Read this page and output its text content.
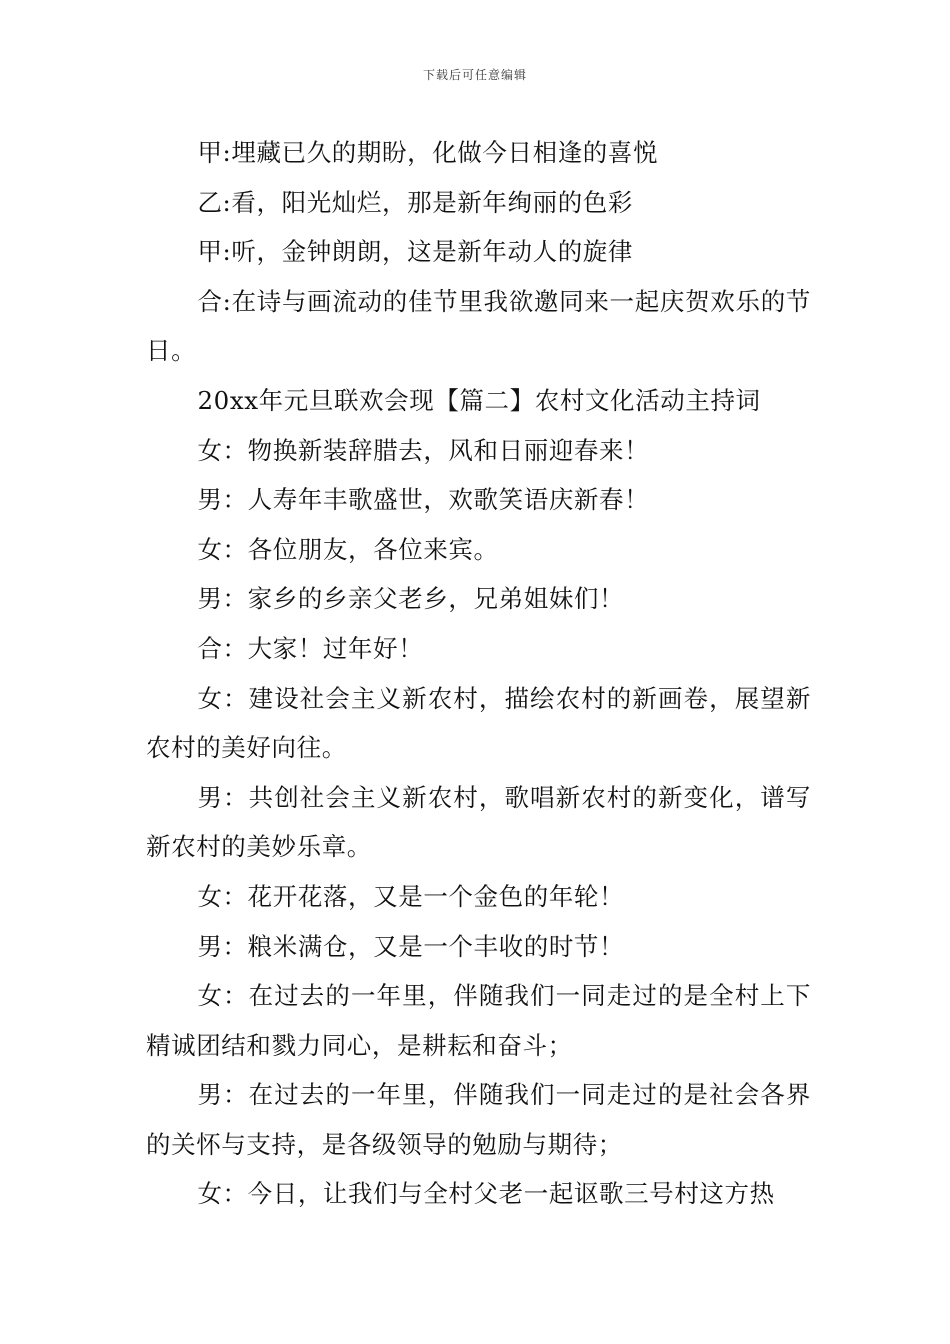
下载后可任意编辑

甲:埋藏已久的期盼，化做今日相逢的喜悦

乙:看，阳光灿烂，那是新年绚丽的色彩

甲:听，金钟朗朗，这是新年动人的旋律

合:在诗与画流动的佳节里我欲邀同来一起庆贺欢乐的节日。

20xx年元旦联欢会现【篇二】农村文化活动主持词

女：物换新装辞腊去，风和日丽迎春来！

男：人寿年丰歌盛世，欢歌笑语庆新春！

女：各位朋友，各位来宾。

男：家乡的乡亲父老乡，兄弟姐妹们！

合：大家！过年好！

女：建设社会主义新农村，描绘农村的新画卷，展望新农村的美好向往。

男：共创社会主义新农村，歌唱新农村的新变化，谱写新农村的美妙乐章。

女：花开花落，又是一个金色的年轮！

男：粮米满仓，又是一个丰收的时节！

女：在过去的一年里，伴随我们一同走过的是全村上下精诚团结和戮力同心，是耕耘和奋斗；

男：在过去的一年里，伴随我们一同走过的是社会各界的关怀与支持，是各级领导的勉励与期待；

女：今日，让我们与全村父老一起讴歌三号村这方热
